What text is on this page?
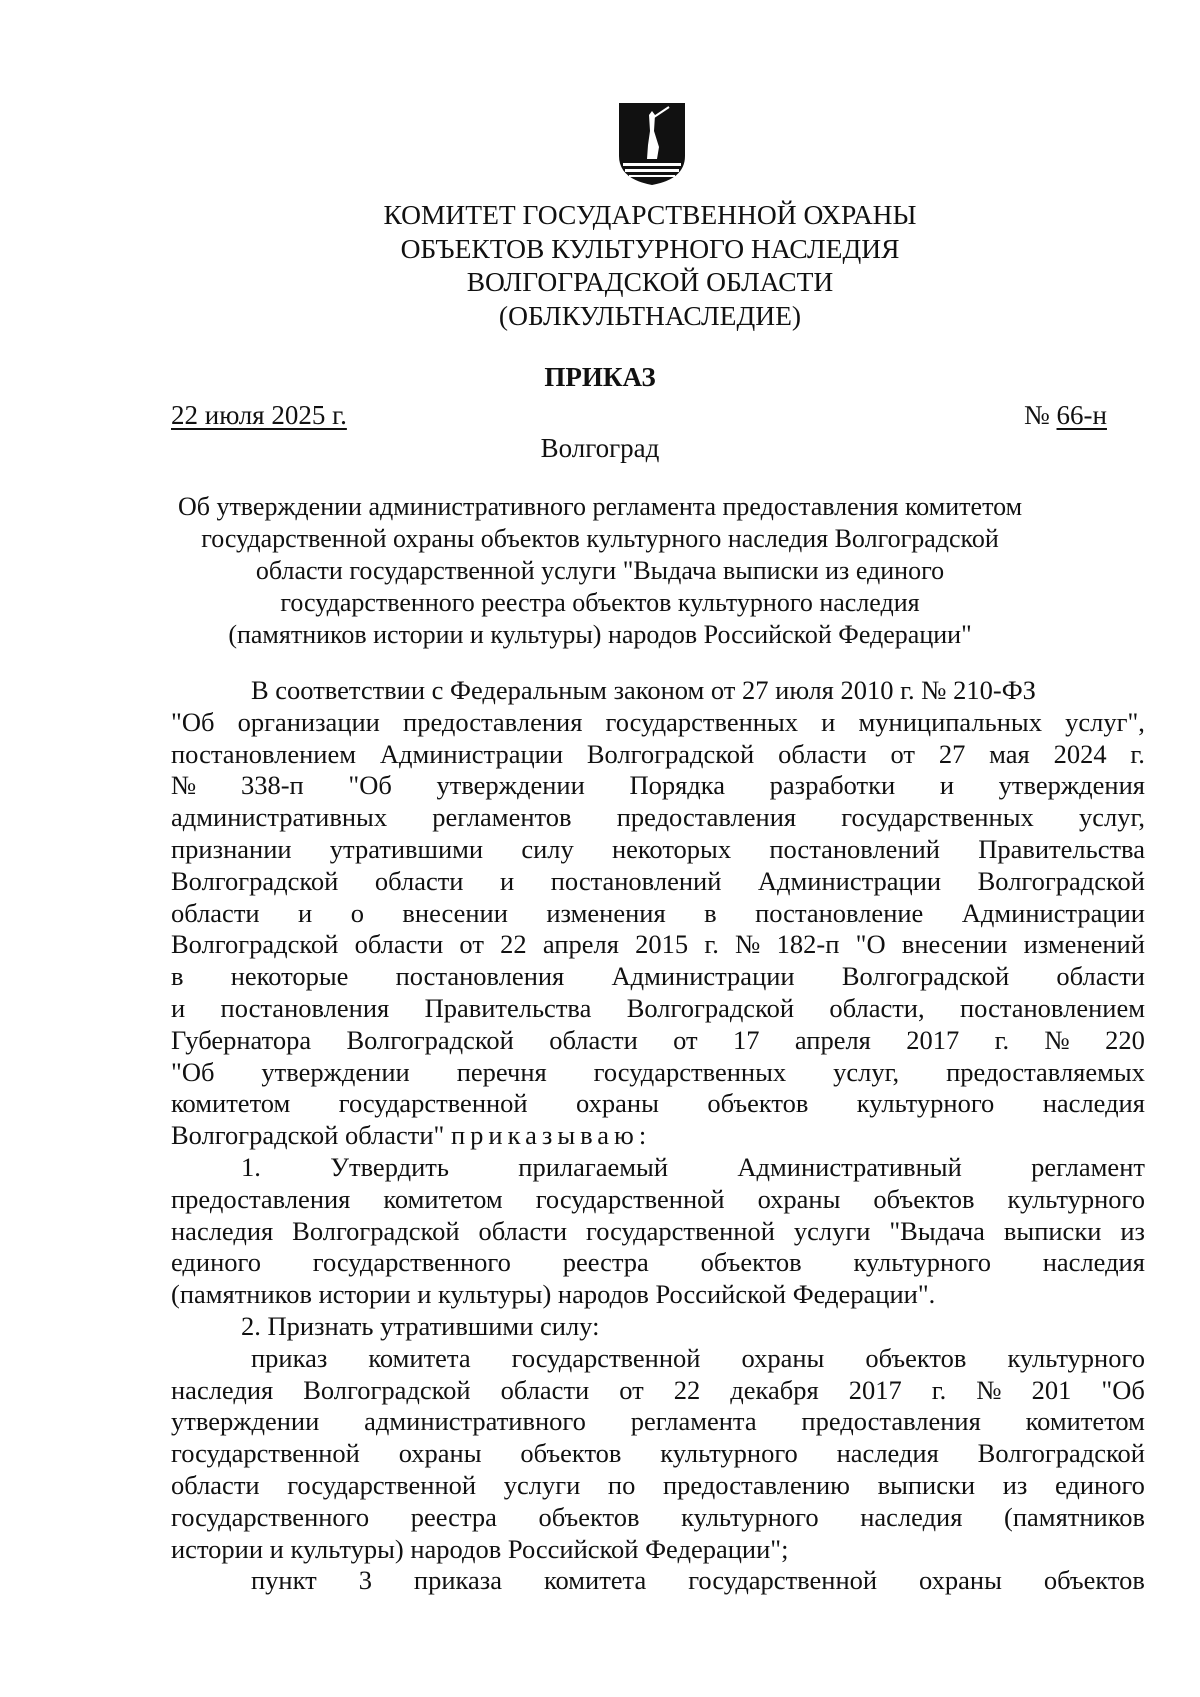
КОМИТЕТ ГОСУДАРСТВЕННОЙ ОХРАНЫ
ОБЪЕКТОВ КУЛЬТУРНОГО НАСЛЕДИЯ
ВОЛГОГРАДСКОЙ ОБЛАСТИ
(ОБЛКУЛЬТНАСЛЕДИЕ)
ПРИКАЗ
22 июля 2025 г.	№ 66-н
Волгоград
Об утверждении административного регламента предоставления комитетом
государственной охраны объектов культурного наследия Волгоградской
области государственной услуги "Выдача выписки из единого
государственного реестра объектов культурного наследия
(памятников истории и культуры) народов Российской Федерации"
В соответствии с Федеральным законом от 27 июля 2010 г. № 210-ФЗ
"Об организации предоставления государственных и муниципальных услуг",
постановлением Администрации Волгоградской области от 27 мая 2024 г.
№ 338-п "Об утверждении Порядка разработки и утверждения
административных регламентов предоставления государственных услуг,
признании утратившими силу некоторых постановлений Правительства
Волгоградской области и постановлений Администрации Волгоградской
области и о внесении изменения в постановление Администрации
Волгоградской области от 22 апреля 2015 г. № 182-п "О внесении изменений
в некоторые постановления Администрации Волгоградской области
и постановления Правительства Волгоградской области, постановлением
Губернатора Волгоградской области от 17 апреля 2017 г. № 220
"Об утверждении перечня государственных услуг, предоставляемых
комитетом государственной охраны объектов культурного наследия
Волгоградской области"
приказываю:
1.	Утвердить	прилагаемый	Административный	регламент
предоставления комитетом государственной охраны объектов культурного
наследия Волгоградской области государственной услуги "Выдача выписки из
единого государственного реестра объектов культурного наследия
(памятников истории и культуры) народов Российской Федерации".
2. Признать утратившими силу:
приказ комитета государственной охраны объектов культурного
наследия Волгоградской области от 22 декабря 2017 г. № 201 "Об
утверждении административного регламента предоставления комитетом
государственной охраны объектов культурного наследия Волгоградской
области государственной услуги по предоставлению выписки из единого
государственного реестра объектов культурного наследия (памятников
истории и культуры) народов Российской Федерации";
пункт 3 приказа комитета государственной охраны объектов
